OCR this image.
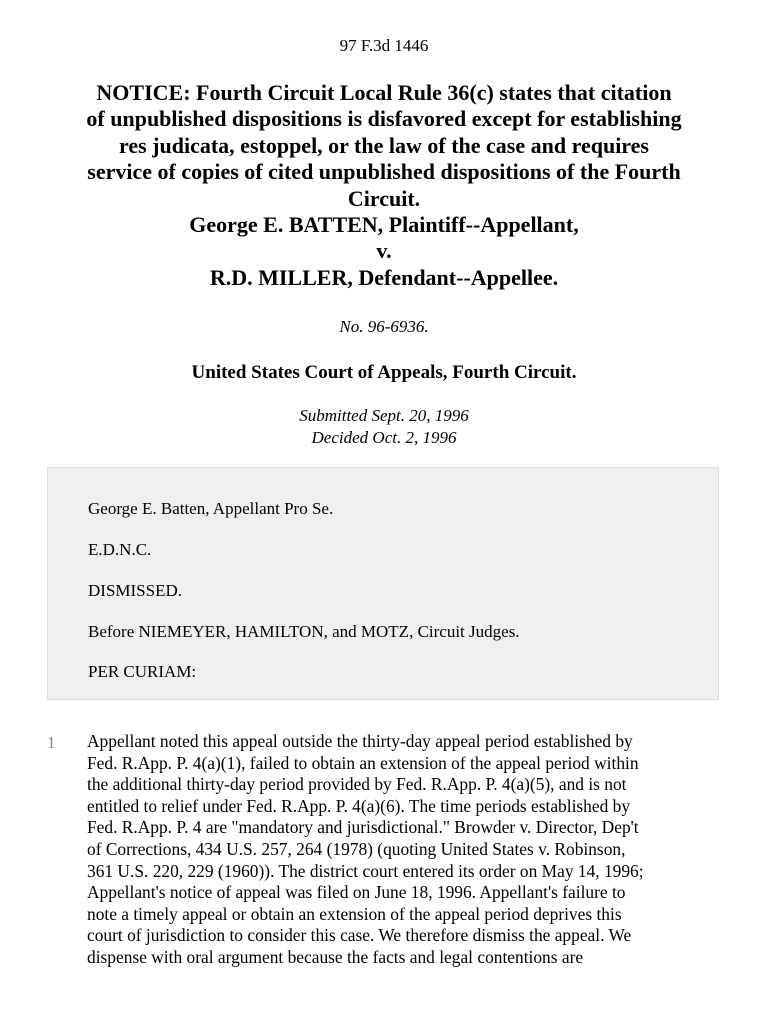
97 F.3d 1446
NOTICE: Fourth Circuit Local Rule 36(c) states that citation
of unpublished dispositions is disfavored except for establishing
res judicata, estoppel, or the law of the case and requires
service of copies of cited unpublished dispositions of the Fourth
Circuit.
George E. BATTEN, Plaintiff--Appellant,
v.
R.D. MILLER, Defendant--Appellee.
No. 96-6936.
United States Court of Appeals, Fourth Circuit.
Submitted Sept. 20, 1996
Decided Oct. 2, 1996

George E. Batten, Appellant Pro Se.

E.D.N.C.

DISMISSED.

Before NIEMEYER, HAMILTON, and MOTZ, Circuit Judges.

PER CURIAM:

1 Appellant noted this appeal outside the thirty-day appeal period established by
Fed. R.App. P. 4(a)(1), failed to obtain an extension of the appeal period within
the additional thirty-day period provided by Fed. R.App. P. 4(a)(5), and is not
entitled to relief under Fed. R.App. P. 4(a)(6). The time periods established by
Fed. R.App. P. 4 are "mandatory and jurisdictional." Browder v. Director, Dep't
of Corrections, 434 U.S. 257, 264 (1978) (quoting United States v. Robinson,
361 U.S. 220, 229 (1960)). The district court entered its order on May 14, 1996;
Appellant's notice of appeal was filed on June 18, 1996. Appellant's failure to
note a timely appeal or obtain an extension of the appeal period deprives this
court of jurisdiction to consider this case. We therefore dismiss the appeal. We
dispense with oral argument because the facts and legal contentions are
